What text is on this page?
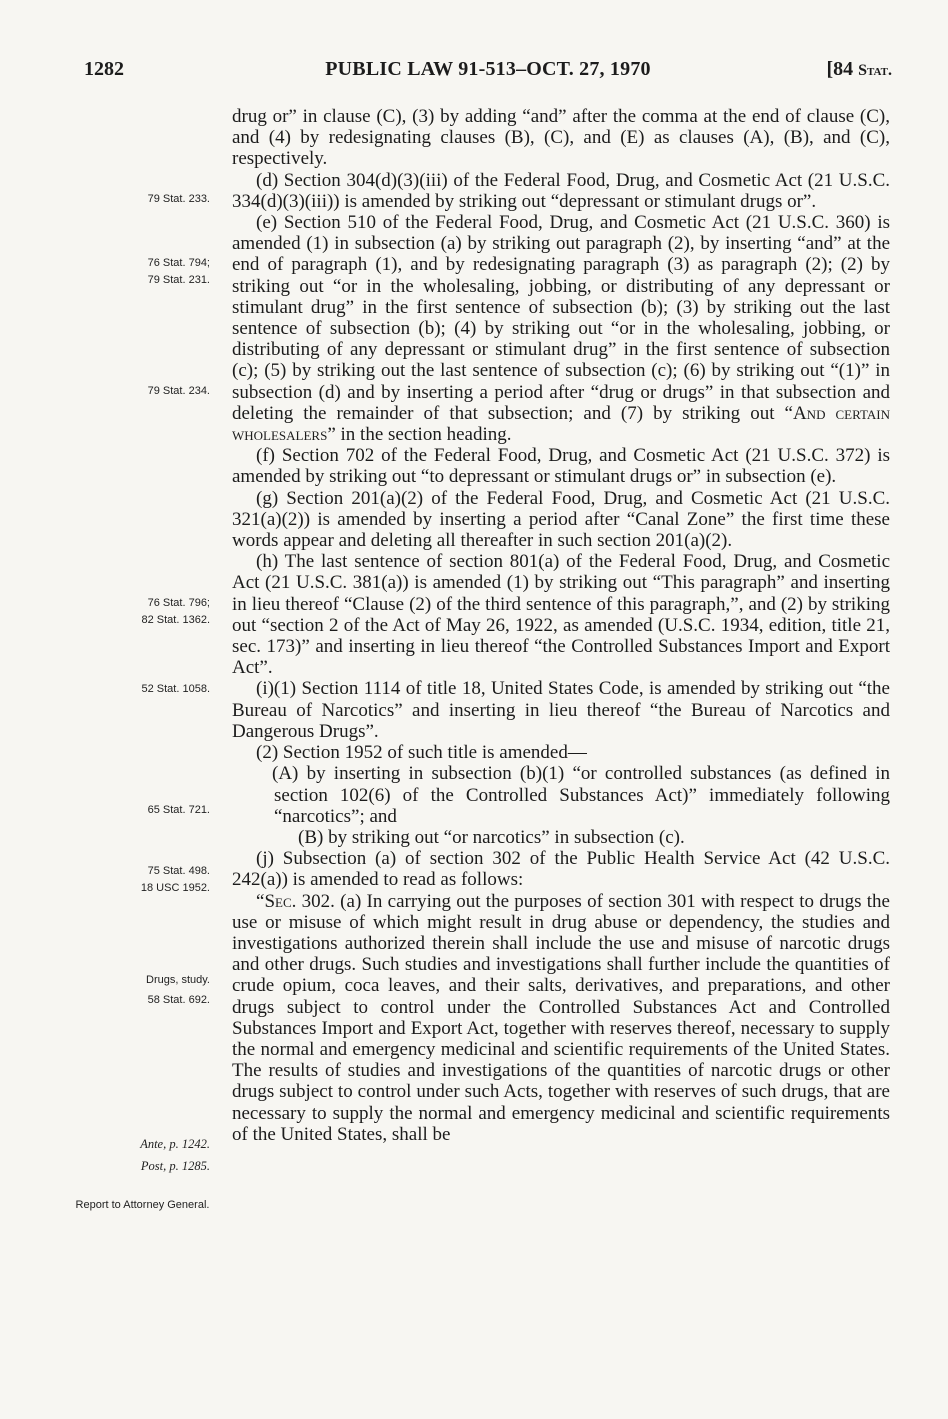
1282	PUBLIC LAW 91-513–OCT. 27, 1970	[84 Stat.
79 Stat. 233.
76 Stat. 794;
79 Stat. 231.
79 Stat. 234.
76 Stat. 796;
82 Stat. 1362.
52 Stat. 1058.
65 Stat. 721.
75 Stat. 498.
18 USC 1952.
Drugs, study.
58 Stat. 692.
Ante, p. 1242.
Post, p. 1285.
Report to Attorney General.

drug or” in clause (C), (3) by adding “and” after the comma at the end of clause (C), and (4) by redesignating clauses (B), (C), and (E) as clauses (A), (B), and (C), respectively.

(d) Section 304(d)(3)(iii) of the Federal Food, Drug, and Cosmetic Act (21 U.S.C. 334(d)(3)(iii)) is amended by striking out “depressant or stimulant drugs or”.

(e) Section 510 of the Federal Food, Drug, and Cosmetic Act (21 U.S.C. 360) is amended (1) in subsection (a) by striking out paragraph (2), by inserting “and” at the end of paragraph (1), and by redesignating paragraph (3) as paragraph (2); (2) by striking out “or in the wholesaling, jobbing, or distributing of any depressant or stimulant drug” in the first sentence of subsection (b); (3) by striking out the last sentence of subsection (b); (4) by striking out “or in the wholesaling, jobbing, or distributing of any depressant or stimulant drug” in the first sentence of subsection (c); (5) by striking out the last sentence of subsection (c); (6) by striking out “(1)” in subsection (d) and by inserting a period after “drug or drugs” in that subsection and deleting the remainder of that subsection; and (7) by striking out “And certain wholesalers” in the section heading.

(f) Section 702 of the Federal Food, Drug, and Cosmetic Act (21 U.S.C. 372) is amended by striking out “to depressant or stimulant drugs or” in subsection (e).

(g) Section 201(a)(2) of the Federal Food, Drug, and Cosmetic Act (21 U.S.C. 321(a)(2)) is amended by inserting a period after “Canal Zone” the first time these words appear and deleting all thereafter in such section 201(a)(2).

(h) The last sentence of section 801(a) of the Federal Food, Drug, and Cosmetic Act (21 U.S.C. 381(a)) is amended (1) by striking out “This paragraph” and inserting in lieu thereof “Clause (2) of the third sentence of this paragraph,”, and (2) by striking out “section 2 of the Act of May 26, 1922, as amended (U.S.C. 1934, edition, title 21, sec. 173)” and inserting in lieu thereof “the Controlled Substances Import and Export Act”.

(i)(1) Section 1114 of title 18, United States Code, is amended by striking out “the Bureau of Narcotics” and inserting in lieu thereof “the Bureau of Narcotics and Dangerous Drugs”.

(2) Section 1952 of such title is amended—

(A) by inserting in subsection (b)(1) “or controlled substances (as defined in section 102(6) of the Controlled Substances Act)” immediately following “narcotics”; and

(B) by striking out “or narcotics” in subsection (c).

(j) Subsection (a) of section 302 of the Public Health Service Act (42 U.S.C. 242(a)) is amended to read as follows:

“Sec. 302. (a) In carrying out the purposes of section 301 with respect to drugs the use or misuse of which might result in drug abuse or dependency, the studies and investigations authorized therein shall include the use and misuse of narcotic drugs and other drugs. Such studies and investigations shall further include the quantities of crude opium, coca leaves, and their salts, derivatives, and preparations, and other drugs subject to control under the Controlled Substances Act and Controlled Substances Import and Export Act, together with reserves thereof, necessary to supply the normal and emergency medicinal and scientific requirements of the United States. The results of studies and investigations of the quantities of narcotic drugs or other drugs subject to control under such Acts, together with reserves of such drugs, that are necessary to supply the normal and emergency medicinal and scientific requirements of the United States, shall be
